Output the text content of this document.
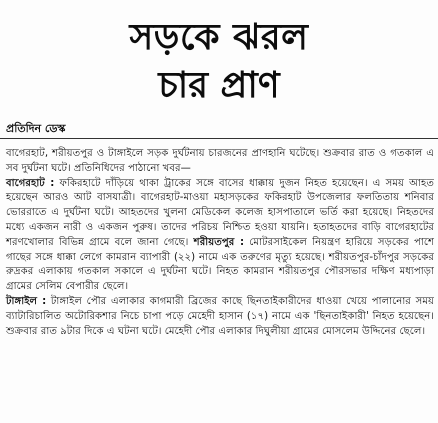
সড়কে ঝরল
চার প্রাণ
প্রতিদিন ডেস্ক

বাগেরহাট, শরীয়তপুর ও টাঙ্গাইলে সড়ক দুর্ঘটনায় চারজনের প্রাণহানি ঘটেছে। শুক্রবার রাত ও গতকাল এ সব দুর্ঘটনা ঘটে। প্রতিনিধিদের পাঠানো খবর—

বাগেরহাট : ফকিরহাটে দাঁড়িয়ে থাকা ট্রাকের সঙ্গে বাসের ধাক্কায় দুজন নিহত হয়েছেন। এ সময় আহত হয়েছেন আরও আট বাসযাত্রী। বাগেরহাট-মাওয়া মহাসড়কের ফকিরহাট উপজেলার ফলতিতায় শনিবার ভোররাতে এ দুর্ঘটনা ঘটে। আহতদের খুলনা মেডিকেল কলেজ হাসপাতালে ভর্তি করা হয়েছে। নিহতদের মধ্যে একজন নারী ও একজন পুরুষ। তাদের পরিচয় নিশ্চিত হওয়া যায়নি। হতাহতদের বাড়ি বাগেরহাটের শরণখোলার বিভিন্ন গ্রামে বলে জানা গেছে। শরীয়তপুর : মোটরসাইকেল নিয়ন্ত্রণ হারিয়ে সড়কের পাশে গাছের সঙ্গে ধাক্কা লেগে কামরান ব্যাপারী (২২) নামে এক তরুণের মৃত্যু হয়েছে। শরীয়তপুর-চাঁদপুর সড়কের রুদ্রকর এলাকায় গতকাল সকালে এ দুর্ঘটনা ঘটে। নিহত কামরান শরীয়তপুর পৌরসভার দক্ষিণ মধ্যপাড়া গ্রামের সেলিম বেপারীর ছেলে।

টাঙ্গাইল : টাঙ্গাইল পৌর এলাকার কাগমারী ব্রিজের কাছে ছিনতাইকারীদের ধাওয়া খেয়ে পালানোর সময় ব্যাটারিচালিত অটোরিকশার নিচে চাপা পড়ে মেহেদী হাসান (১৭) নামে এক 'ছিনতাইকারী' নিহত হয়েছেন। শুক্রবার রাত ৯টার দিকে এ ঘটনা ঘটে। মেহেদী পৌর এলাকার দিঘুলীয়া গ্রামের মোসলেম উদ্দিনের ছেলে।
